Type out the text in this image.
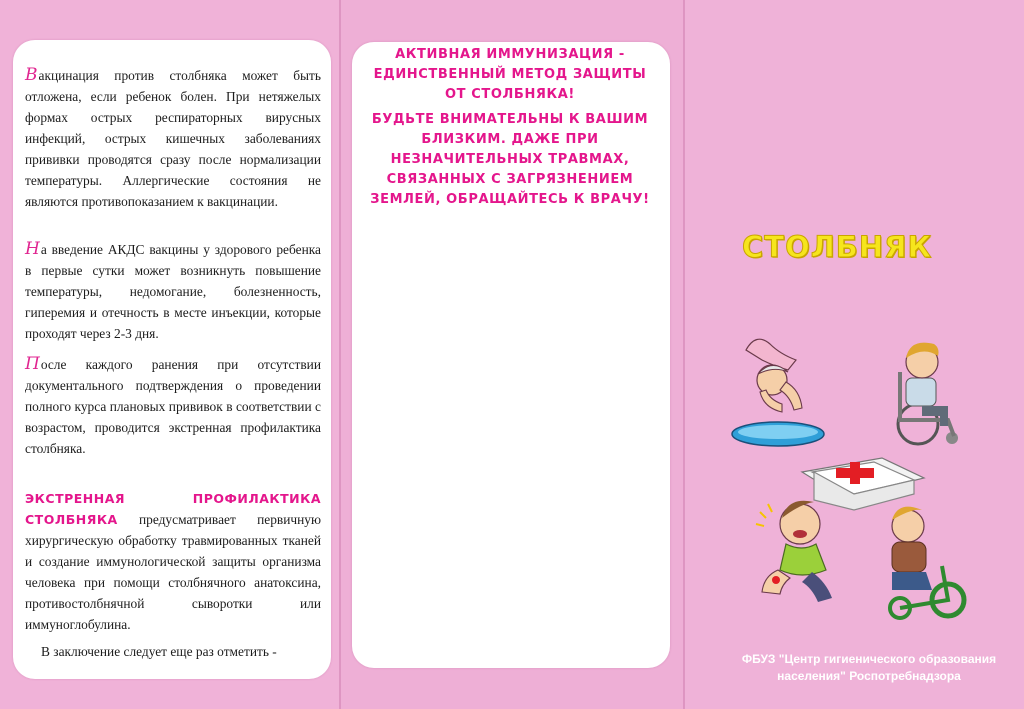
Вакцинация против столбняка может быть отложена, если ребенок болен. При нетяжелых формах острых респираторных вирусных инфекций, острых кишечных заболеваниях прививки проводятся сразу после нормализации температуры. Аллергические состояния не являются противопоказанием к вакцинации.

На введение АКДС вакцины у здорового ребенка в первые сутки может возникнуть повышение температуры, недомогание, болезненность, гиперемия и отечность в месте инъекции, которые проходят через 2-3 дня.

После каждого ранения при отсутствии документального подтверждения о проведении полного курса плановых прививок в соответствии с возрастом, проводится экстренная профилактика столбняка.

ЭКСТРЕННАЯ ПРОФИЛАКТИКА СТОЛБНЯКА предусматривает первичную хирургическую обработку травмированных тканей и создание иммунологической защиты организма человека при помощи столбнячного анатоксина, противостолбнячной сыворотки или иммуноглобулина.

В заключение следует еще раз отметить -

АКТИВНАЯ ИММУНИЗАЦИЯ -
ЕДИНСТВЕННЫЙ МЕТОД ЗАЩИТЫ
ОТ СТОЛБНЯКА!
БУДЬТЕ ВНИМАТЕЛЬНЫ К ВАШИМ
БЛИЗКИМ. ДАЖЕ ПРИ
НЕЗНАЧИТЕЛЬНЫХ ТРАВМАХ,
СВЯЗАННЫХ С ЗАГРЯЗНЕНИЕМ
ЗЕМЛЕЙ, ОБРАЩАЙТЕСЬ К ВРАЧУ!
СТОЛБНЯК
ФБУЗ "Центр гигиенического образования
населения" Роспотребнадзора
